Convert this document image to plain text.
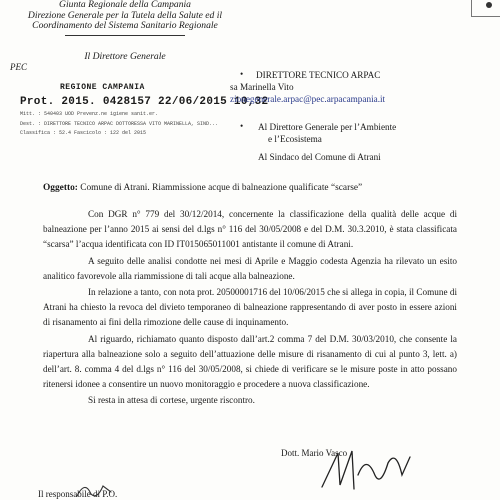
Giunta Regionale della Campania
Direzione Generale per la Tutela della Salute ed il
Coordinamento del Sistema Sanitario Regionale
Il Direttore Generale
PEC
REGIONE CAMPANIA
Prot. 2015. 0428157 22/06/2015 10,32
Mitt. : 540403 UOD Prevenz.ne igiene sanit.er.
Dest. : DIRETTORE TECNICO ARPAC DOTTORESSA VITO MARINELLA, SIND...
Classifica : 52.4 Fascicolo : 122 del 2015
• DIRETTORE TECNICO ARPAC
sa Marinella Vito
zionegenerale.arpac@pec.arpacampania.it
• Al Direttore Generale per l’Ambiente
e l’Ecosistema
Al Sindaco del Comune di Atrani
Oggetto: Comune di Atrani. Riammissione acque di balneazione qualificate “scarse”
Con DGR n° 779 del 30/12/2014, concernente la classificazione della qualità delle acque di balneazione per l’anno 2015 ai sensi del d.lgs n° 116 del 30/05/2008 e del D.M. 30.3.2010, è stata classificata “scarsa” l’acqua identificata con ID IT015065011001 antistante il comune di Atrani.
A seguito delle analisi condotte nei mesi di Aprile e Maggio codesta Agenzia ha rilevato un esito analitico favorevole alla riammissione di tali acque alla balneazione.
In relazione a tanto, con nota prot. 20500001716 del 10/06/2015 che si allega in copia, il Comune di Atrani ha chiesto la revoca del divieto temporaneo di balneazione rappresentando di aver posto in essere azioni di risanamento ai fini della rimozione delle cause di inquinamento.
Al riguardo, richiamato quanto disposto dall’art.2 comma 7 del D.M. 30/03/2010, che consente la riapertura alla balneazione solo a seguito dell’attuazione delle misure di risanamento di cui al punto 3, lett. a) dell’art. 8. comma 4 del d.lgs n° 116 del 30/05/2008, si chiede di verificare se le misure poste in atto possano ritenersi idonee a consentire un nuovo monitoraggio e procedere a nuova classificazione.
Si resta in attesa di cortese, urgente riscontro.
Dott. Mario Vasco
Il responsabile di P.O.
